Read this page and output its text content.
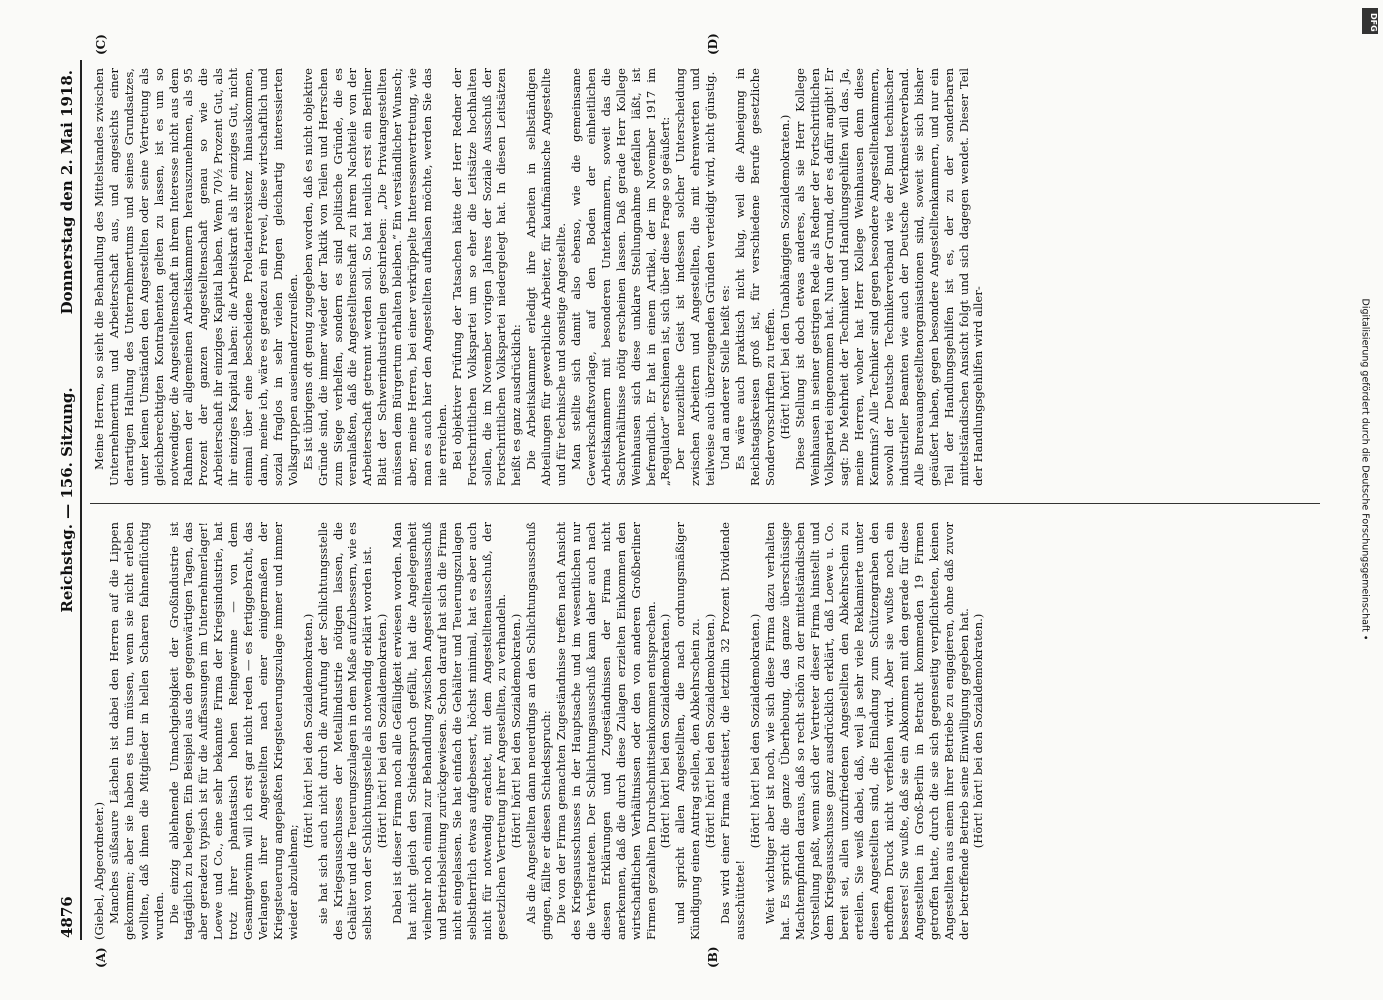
4876
Reichstag. — 156. Sitzung.
Donnerstag den 2. Mai 1918.

(Giebel, Abgeordneter.) Manches süßsaure Lächeln ist dabei den Herren auf die Lippen gekommen; aber sie haben es tun müssen, wenn sie nicht erleben wollten, daß ihnen die Mitglieder in hellen Scharen fahnenflüchtig wurden. Die einzig ablehnende Unnachgiebigkeit der Großindustrie ist tagtäglich zu belegen. Ein Beispiel aus den gegenwärtigen Tagen, das aber geradezu typisch ist für die Auffassungen im Unternehmerlager! Loewe und Co., eine sehr bekannte Firma der Kriegsindustrie, hat trotz ihrer phantastisch hohen Reingewinne — von dem Gesamtgewinn will ich erst gar nicht reden — es fertiggebracht, das Verlangen ihrer Angestellten nach einer einigermaßen der Kriegsteuerung angepaßten Kriegsteuerungszulage immer und immer wieder abzulehnen;

(Hört! hört! bei den Sozialdemokraten.) sie hat sich auch nicht durch die Anrufung der Schlichtungsstelle des Kriegsausschusses der Metallindustrie nötigen lassen, die Gehälter und die Teuerungszulagen in dem Maße aufzubessern, wie es selbst von der Schlichtungsstelle als notwendig erklärt worden ist. (Hört! hört! bei den Sozialdemokraten.) Dabei ist dieser Firma noch alle Gefälligkeit erwiesen worden. Man hat nicht gleich den Schiedsspruch gefällt, hat die Angelegenheit vielmehr noch einmal zur Behandlung zwischen Angestelltenausschuß und Betriebsleitung zurückgewiesen. Schon darauf hat sich die Firma nicht eingelassen. Sie hat einfach die Gehälter und Teuerungszulagen selbstherrlich etwas aufgebessert, höchst minimal, hat es aber auch nicht für notwendig erachtet, mit dem Angestelltenausschuß, der gesetzlichen Vertretung ihrer Angestellten, zu verhandeln. (Hört! hört! bei den Sozialdemokraten.) Als die Angestellten dann neuerdings an den Schlichtungsausschuß gingen, fällte er diesen Schiedsspruch: Die von der Firma gemachten Zugeständnisse treffen nach Ansicht des Kriegsausschusses in der Hauptsache und im wesentlichen nur die Verheirateten. Der Schlichtungsausschuß kann daher auch nach diesen Erklärungen und Zugeständnissen der Firma nicht anerkennen, daß die durch diese Zulagen erzielten Einkommen den wirtschaftlichen Verhältnissen oder den von anderen Großberliner Firmen gezahlten Durchschnittseinkommen entsprechen. (Hört! hört! bei den Sozialdemokraten.) und spricht allen Angestellten, die nach ordnungsmäßiger Kündigung einen Antrag stellen, den Abkehrschein zu. (Hört! hört! bei den Sozialdemokraten.) Das wird einer Firma attestiert, die letztlin 32 Prozent Dividende ausschüttete!

(Hört! hört! bei den Sozialdemokraten.) Weit wichtiger aber ist noch, wie sich diese Firma dazu verhalten hat. Es spricht die ganze Überhebung, das ganze überschüssige Machtempfinden daraus, daß so recht schön zu der mittelständischen Vorstellung paßt, wenn sich der Vertreter dieser Firma hinstellt und dem Kriegsausschusse ganz ausdrücklich erklärt, daß Loewe u. Co. bereit sei, allen unzufriedenen Angestellten den Abkehrschein zu erteilen. Sie weiß dabei, daß, weil ja sehr viele Reklamierte unter diesen Angestellten sind, die Einladung zum Schützengraben den erhofften Druck nicht verfehlen wird. Aber sie wußte noch ein besseres! Sie wußte, daß sie ein Abkommen mit den gerade für diese Angestellten in Groß-Berlin in Betracht kommenden 19 Firmen getroffen hatte, durch die sie sich gegenseitig verpflichteten, keinen Angestellten aus einem ihrer Betriebe zu engagieren, ohne daß zuvor der betreffende Betrieb seine Einwilligung gegeben hat. (Hört! hört! bei den Sozialdemokraten.)

Meine Herren, so sieht die Behandlung des Mittelstandes zwischen Unternehmertum und Arbeiterschaft aus, und angesichts einer derartigen Haltung des Unternehmertums und seines Grundsatzes, unter keinen Umständen den Angestellten oder seine Vertretung als gleichberechtigten Kontrahenten gelten zu lassen, ist es um so notwendiger, die Angestelltenschaft in ihrem Interesse nicht aus dem Rahmen der allgemeinen Arbeitskammern herauszunehmen, als 95 Prozent der ganzen Angestelltenschaft genau so wie die Arbeiterschaft ihr einziges Kapital haben. Wenn 70½ Prozent Gut, als ihr einziges Kapital haben: die Arbeitskraft als ihr einziges Gut, nicht einmal über eine bescheidene Proletarierexistenz hinauskommen, dann, meine ich, wäre es geradezu ein Frevel, diese wirtschaftlich und sozial fraglos in sehr vielen Dingen gleichartig interessierten Volksgruppen auseinanderzureißen. Es ist übrigens oft genug zugegeben worden, daß es nicht objektive Gründe sind, die immer wieder der Taktik von Teilen und Herrschen zum Siege verhelfen, sondern es sind politische Gründe, die es veranlaßten, daß die Angestelltenschaft zu ihrem Nachteile von der Arbeiterschaft getrennt werden soll. So hat neulich erst ein Berliner Blatt der Schwerindustriellen geschrieben: „Die Privatangestellten müssen dem Bürgertum erhalten bleiben.“ Ein verständlicher Wunsch; aber, meine Herren, bei einer verkrüppelte Interessenvertretung, wie man es auch hier den Angestellten aufhalsen möchte, werden Sie das nie erreichen. Bei objektiver Prüfung der Tatsachen hätte der Herr Redner der Fortschrittlichen Volkspartei um so eher die Leitsätze hochhalten sollen, die im November vorigen Jahres der Soziale Ausschuß der Fortschrittlichen Volkspartei niedergelegt hat. In diesen Leitsätzen heißt es ganz ausdrücklich: Die Arbeitskammer erledigt ihre Arbeiten in selbständigen Abteilungen für gewerbliche Arbeiter, für kaufmännische Angestellte und für technische und sonstige Angestellte. Man stellte sich damit also ebenso, wie die gemeinsame Gewerkschaftsvorlage, auf den Boden der einheitlichen Arbeitskammern mit besonderen Unterkammern, soweit das die Sachverhältnisse nötig erscheinen lassen. Daß gerade Herr Kollege Weinhausen sich diese unklare Stellungnahme gefallen läßt, ist befremdlich. Er hat in einem Artikel, der im November 1917 im „Regulator“ erschienen ist, sich über diese Frage so geäußert: Der neuzeitliche Geist ist indessen solcher Unterscheidung zwischen Arbeitern und Angestellten, die mit ehrenwerten und teilweise auch überzeugenden Gründen verteidigt wird, nicht günstig. Und an anderer Stelle heißt es: Es wäre auch praktisch nicht klug, weil die Abneigung in Reichstagskreisen groß ist, für verschiedene Berufe gesetzliche Sondervorschriften zu treffen. (Hört! hört! bei den Unabhängigen Sozialdemokraten.) Diese Stellung ist doch etwas anderes, als sie Herr Kollege Weinhausen in seiner gestrigen Rede als Redner der Fortschrittlichen Volkspartei eingenommen hat. Nun der Grund, der es dafür angibt! Er sagt: Die Mehrheit der Techniker und Handlungsgehilfen will das. Ja, meine Herren, woher hat Herr Kollege Weinhausen denn diese Kenntnis? Alle Techniker sind gegen besondere Angestelltenkammern, sowohl der Deutsche Technikerverband wie der Bund technischer industrieller Beamten wie auch der Deutsche Werkmeisterverband. Alle Bureauangestelltenorganisationen sind, soweit sie sich bisher geäußert haben, gegen besondere Angestelltenkammern, und nur ein Teil der Handlungsgehilfen ist es, der zu der sonderbaren mittelständischen Ansicht folgt und sich dagegen wendet. Dieser Teil der Handlungsgehilfen wird aller-

(A)	(B)
(C)	(D)
DFG
Digitalisierung gefördert durch die Deutsche Forschungsgemeinschaft •
